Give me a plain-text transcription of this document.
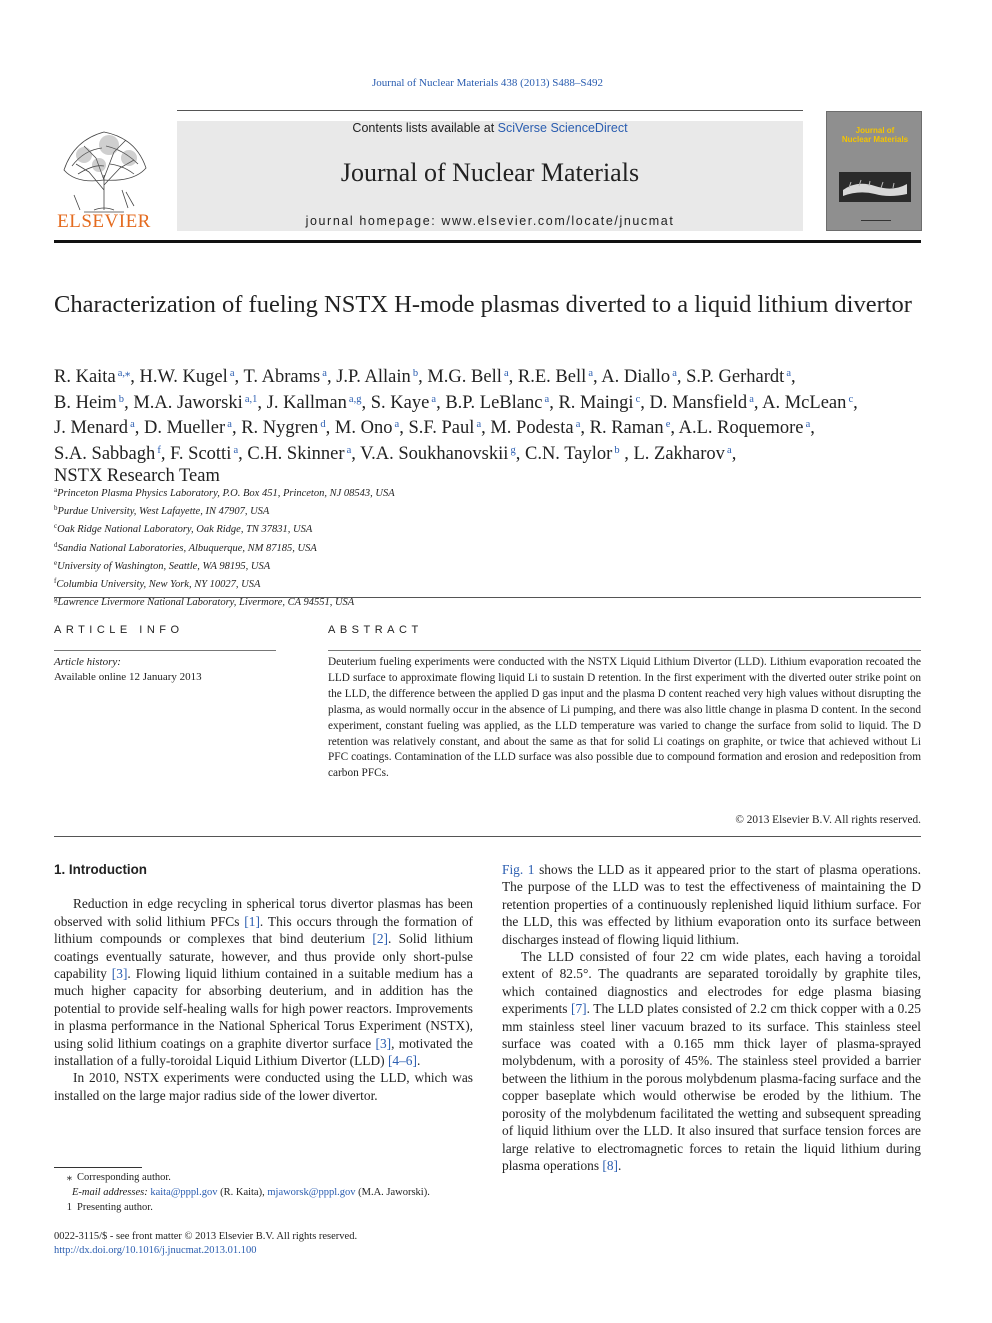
Journal of Nuclear Materials 438 (2013) S488–S492
ELSEVIER
Contents lists available at SciVerse ScienceDirect
Journal of Nuclear Materials
journal homepage: www.elsevier.com/locate/jnucmat
Journal of
Nuclear Materials
Characterization of fueling NSTX H-mode plasmas diverted to a liquid lithium divertor
R. Kaita $^{a,⁎}$, H.W. Kugel $^a$, T. Abrams $^a$, J.P. Allain $^b$, M.G. Bell $^a$, R.E. Bell $^a$, A. Diallo $^a$, S.P. Gerhardt $^a$,
B. Heim $^b$, M.A. Jaworski $^{a,1}$, J. Kallman $^{a,g}$, S. Kaye $^a$, B.P. LeBlanc $^a$, R. Maingi $^c$, D. Mansfield $^a$, A. McLean $^c$,
J. Menard $^a$, D. Mueller $^a$, R. Nygren $^d$, M. Ono $^a$, S.F. Paul $^a$, M. Podesta $^a$, R. Raman $^e$, A.L. Roquemore $^a$,
S.A. Sabbagh $^f$, F. Scotti $^a$, C.H. Skinner $^a$, V.A. Soukhanovskii $^g$, C.N. Taylor $^b$ , L. Zakharov $^a$,
NSTX Research Team
$^a$Princeton Plasma Physics Laboratory, P.O. Box 451, Princeton, NJ 08543, USA
$^b$Purdue University, West Lafayette, IN 47907, USA
$^c$Oak Ridge National Laboratory, Oak Ridge, TN 37831, USA
$^d$Sandia National Laboratories, Albuquerque, NM 87185, USA
$^e$University of Washington, Seattle, WA 98195, USA
$^f$Columbia University, New York, NY 10027, USA
$^g$Lawrence Livermore National Laboratory, Livermore, CA 94551, USA
ARTICLE INFO	ABSTRACT
Article history:
Available online 12 January 2013
Deuterium fueling experiments were conducted with the NSTX Liquid Lithium Divertor (LLD). Lithium evaporation recoated the LLD surface to approximate flowing liquid Li to sustain D retention. In the first experiment with the diverted outer strike point on the LLD, the difference between the applied D gas input and the plasma D content reached very high values without disrupting the plasma, as would normally occur in the absence of Li pumping, and there was also little change in plasma D content. In the second experiment, constant fueling was applied, as the LLD temperature was varied to change the surface from solid to liquid. The D retention was relatively constant, and about the same as that for solid Li coatings on graphite, or twice that achieved without Li PFC coatings. Contamination of the LLD surface was also possible due to compound formation and erosion and redeposition from carbon PFCs.
© 2013 Elsevier B.V. All rights reserved.
1. Introduction

Reduction in edge recycling in spherical torus divertor plasmas has been observed with solid lithium PFCs [1]. This occurs through the formation of lithium compounds or complexes that bind deuterium [2]. Solid lithium coatings eventually saturate, however, and thus provide only short-pulse capability [3]. Flowing liquid lithium contained in a suitable medium has a much higher capacity for absorbing deuterium, and in addition has the potential to provide self-healing walls for high power reactors. Improvements in plasma performance in the National Spherical Torus Experiment (NSTX), using solid lithium coatings on a graphite divertor surface [3], motivated the installation of a fully-toroidal Liquid Lithium Divertor (LLD) [4–6].

In 2010, NSTX experiments were conducted using the LLD, which was installed on the large major radius side of the lower divertor.

Fig. 1 shows the LLD as it appeared prior to the start of plasma operations. The purpose of the LLD was to test the effectiveness of maintaining the D retention properties of a continuously replenished liquid lithium surface. For the LLD, this was effected by lithium evaporation onto its surface between discharges instead of flowing liquid lithium.

The LLD consisted of four 22 cm wide plates, each having a toroidal extent of 82.5°. The quadrants are separated toroidally by graphite tiles, which contained diagnostics and electrodes for edge plasma biasing experiments [7]. The LLD plates consisted of 2.2 cm thick copper with a 0.25 mm stainless steel liner vacuum brazed to its surface. This stainless steel surface was coated with a 0.165 mm thick layer of plasma-sprayed molybdenum, with a porosity of 45%. The stainless steel provided a barrier between the lithium in the porous molybdenum plasma-facing surface and the copper baseplate which would otherwise be eroded by the lithium. The porosity of the molybdenum facilitated the wetting and subsequent spreading of liquid lithium over the LLD. It also insured that surface tension forces are large relative to electromagnetic forces to retain the liquid lithium during plasma operations [8].

⁎ Corresponding author.
E-mail addresses: kaita@pppl.gov (R. Kaita), mjaworsk@pppl.gov (M.A. Jaworski).
1 Presenting author.
0022-3115/$ - see front matter © 2013 Elsevier B.V. All rights reserved.
http://dx.doi.org/10.1016/j.jnucmat.2013.01.100
